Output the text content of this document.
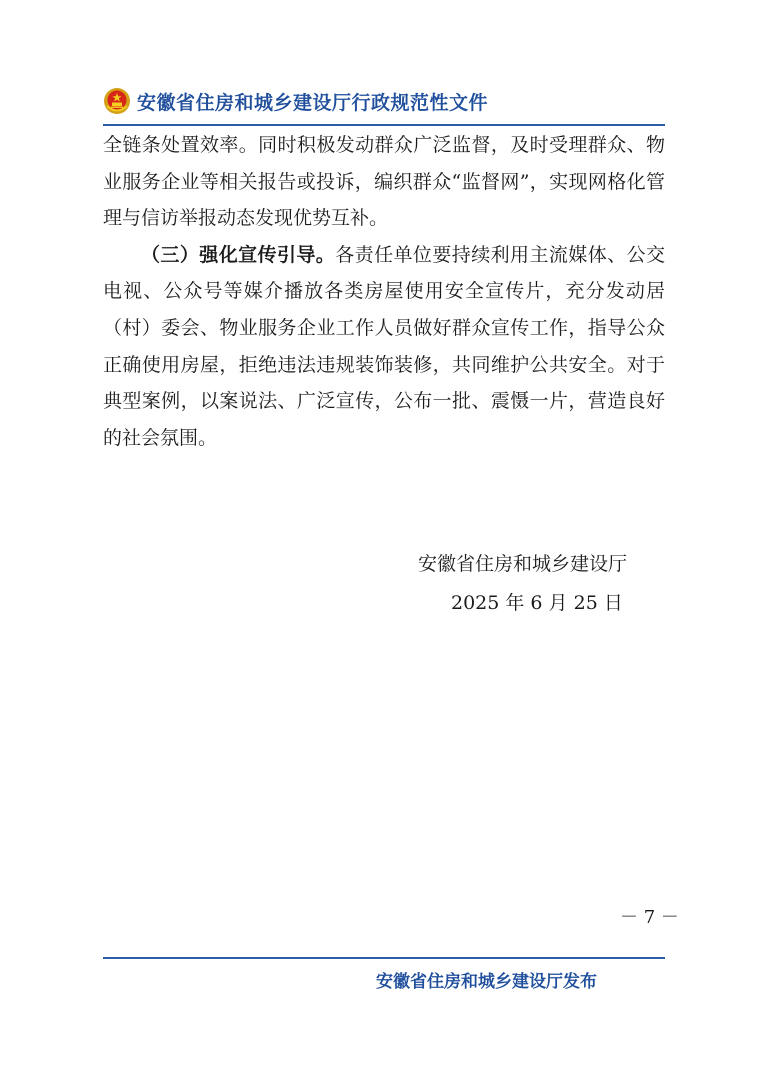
安徽省住房和城乡建设厅行政规范性文件

全链条处置效率。同时积极发动群众广泛监督，及时受理群众、物业服务企业等相关报告或投诉，编织群众“监督网”，实现网格化管理与信访举报动态发现优势互补。

（三）强化宣传引导。各责任单位要持续利用主流媒体、公交电视、公众号等媒介播放各类房屋使用安全宣传片，充分发动居（村）委会、物业服务企业工作人员做好群众宣传工作，指导公众正确使用房屋，拒绝违法违规装饰装修，共同维护公共安全。对于典型案例，以案说法、广泛宣传，公布一批、震慑一片，营造良好的社会氛围。

安徽省住房和城乡建设厅
2025 年 6 月 25 日
－ 7 －
安徽省住房和城乡建设厅发布
